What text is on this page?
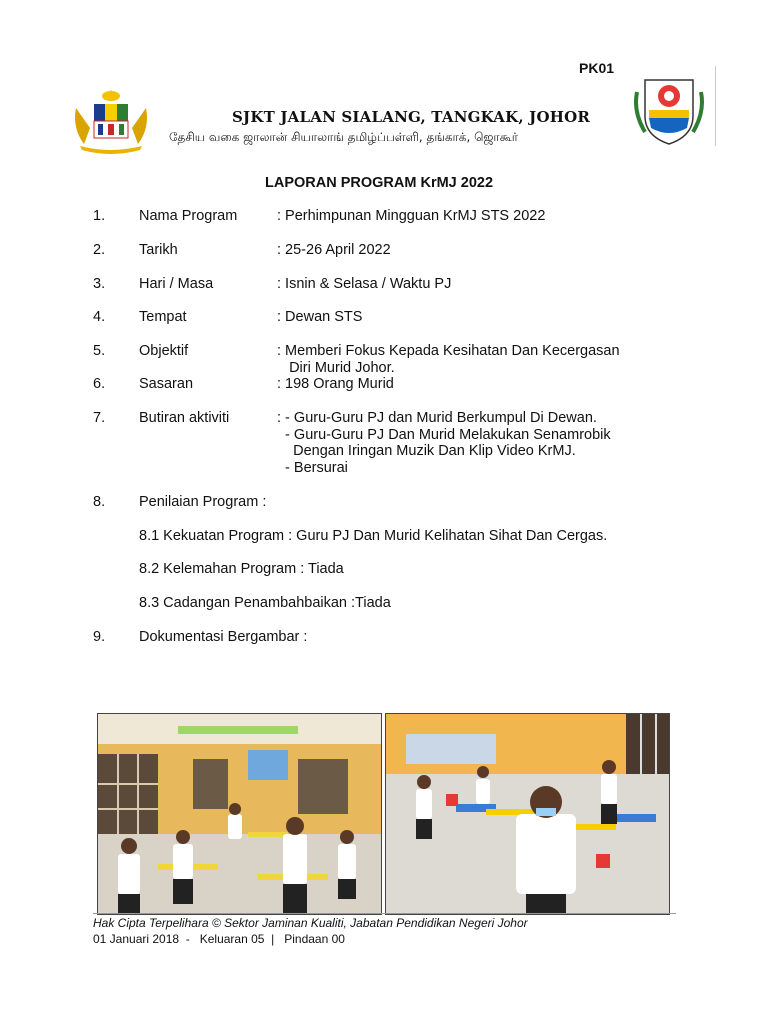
PK01
SJKT JALAN SIALANG, TANGKAK, JOHOR
தேசிய வகை ஜாலான் சியாலாங் தமிழ்ப்பள்ளி, தங்காக், ஜொகூர்
LAPORAN PROGRAM KrMJ 2022
1. Nama Program	: Perhimpunan Mingguan KrMJ STS 2022
2. Tarikh	: 25-26 April 2022
3. Hari / Masa	: Isnin & Selasa / Waktu PJ
4. Tempat	: Dewan STS
5. Objektif	: Memberi Fokus Kepada Kesihatan Dan Kecergasan
Diri Murid Johor.
6. Sasaran	: 198 Orang Murid
7. Butiran aktiviti	: - Guru-Guru PJ dan Murid Berkumpul Di Dewan.
- Guru-Guru PJ Dan Murid Melakukan Senamrobik
Dengan Iringan Muzik Dan Klip Video KrMJ.
- Bersurai
8. Penilaian Program :
8.1 Kekuatan Program : Guru PJ Dan Murid Kelihatan Sihat Dan Cergas.
8.2 Kelemahan Program : Tiada
8.3 Cadangan Penambahbaikan :Tiada
9. Dokumentasi Bergambar :
Hak Cipta Terpelihara © Sektor Jaminan Kualiti, Jabatan Pendidikan Negeri Johor
01 Januari 2018  -   Keluaran 05  |   Pindaan 00
